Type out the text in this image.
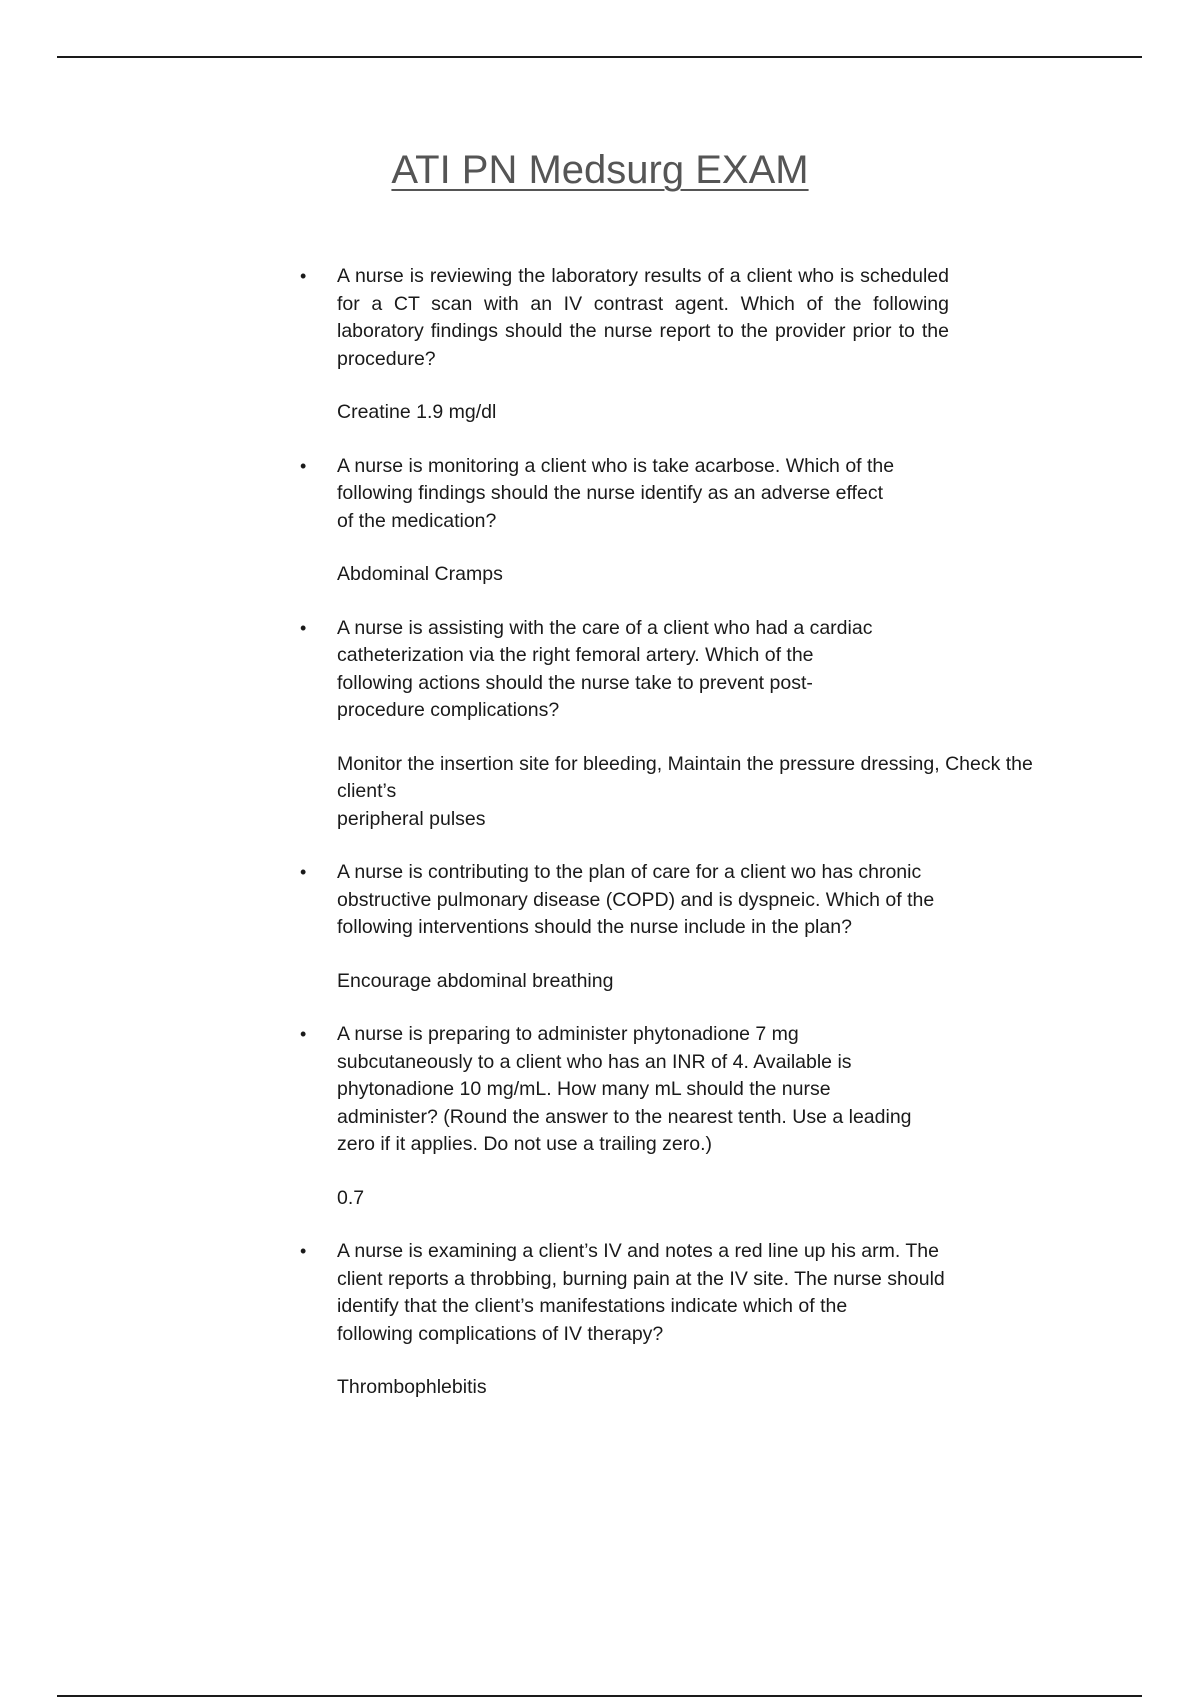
ATI PN Medsurg EXAM
•	A nurse is reviewing the laboratory results of a client who is scheduled for a CT scan with an IV contrast agent. Which of the following laboratory findings should the nurse report to the provider prior to the procedure?

Creatine 1.9 mg/dl
•	A nurse is monitoring a client who is take acarbose. Which of the
following findings should the nurse identify as an adverse effect
of the medication?

Abdominal Cramps
•	A nurse is assisting with the care of a client who had a cardiac
catheterization via the right femoral artery. Which of the
following actions should the nurse take to prevent post-
procedure complications?

Monitor the insertion site for bleeding, Maintain the pressure dressing, Check the
client’s
peripheral pulses
•	A nurse is contributing to the plan of care for a client wo has chronic
obstructive pulmonary disease (COPD) and is dyspneic. Which of the
following interventions should the nurse include in the plan?

Encourage abdominal breathing
•	A nurse is preparing to administer phytonadione 7 mg
subcutaneously to a client who has an INR of 4. Available is
phytonadione 10 mg/mL. How many mL should the nurse
administer? (Round the answer to the nearest tenth. Use a leading
zero if it applies. Do not use a trailing zero.)

0.7
•	A nurse is examining a client’s IV and notes a red line up his arm. The
client reports a throbbing, burning pain at the IV site. The nurse should
identify that the client’s manifestations indicate which of the
following complications of IV therapy?

Thrombophlebitis
